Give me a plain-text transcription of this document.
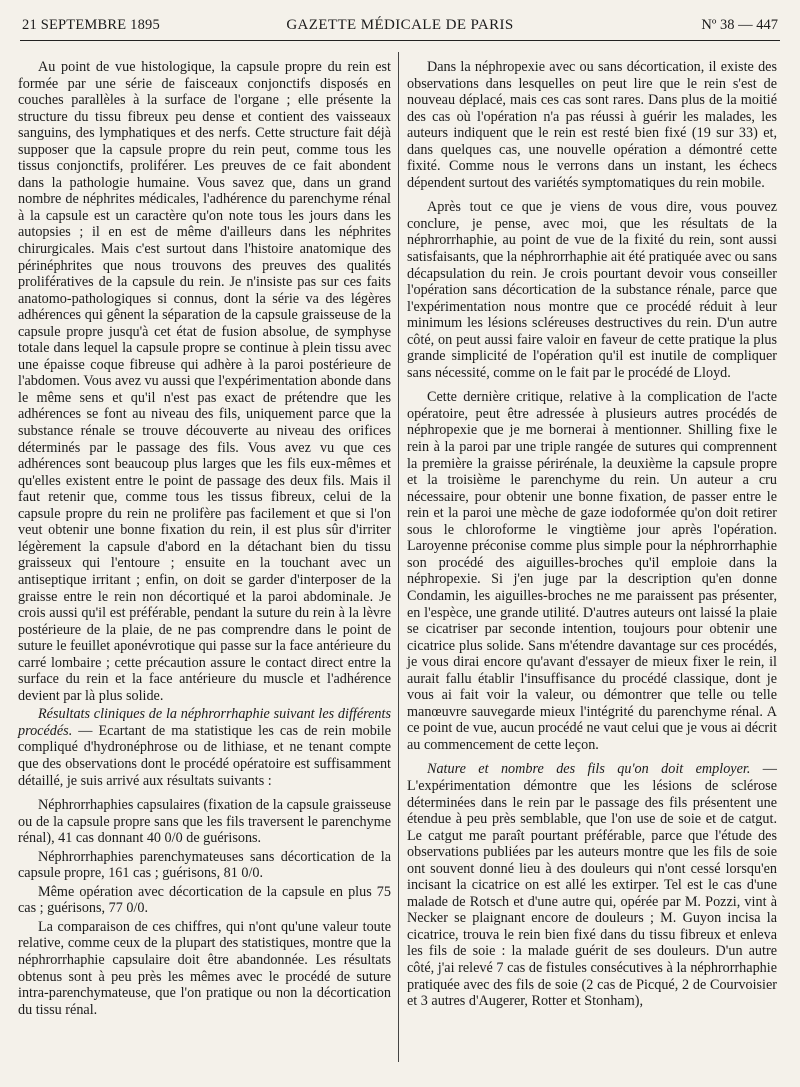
21 SEPTEMBRE 1895	GAZETTE MÉDICALE DE PARIS	Nº 38 — 447

Au point de vue histologique, la capsule propre du rein est formée par une série de faisceaux conjonctifs disposés en couches parallèles à la surface de l'organe ; elle présente la structure du tissu fibreux peu dense et contient des vaisseaux sanguins, des lymphatiques et des nerfs. Cette structure fait déjà supposer que la capsule propre du rein peut, comme tous les tissus conjonctifs, proliférer. Les preuves de ce fait abondent dans la pathologie humaine. Vous savez que, dans un grand nombre de néphrites médicales, l'adhérence du parenchyme rénal à la capsule est un caractère qu'on note tous les jours dans les autopsies ; il en est de même d'ailleurs dans les néphrites chirurgicales. Mais c'est surtout dans l'histoire anatomique des périnéphrites que nous trouvons des preuves des qualités prolifératives de la capsule du rein. Je n'insiste pas sur ces faits anatomo-pathologiques si connus, dont la série va des légères adhérences qui gênent la séparation de la capsule graisseuse de la capsule propre jusqu'à cet état de fusion absolue, de symphyse totale dans lequel la capsule propre se continue à plein tissu avec une épaisse coque fibreuse qui adhère à la paroi postérieure de l'abdomen. Vous avez vu aussi que l'expérimentation abonde dans le même sens et qu'il n'est pas exact de prétendre que les adhérences se font au niveau des fils, uniquement parce que la substance rénale se trouve découverte au niveau des orifices déterminés par le passage des fils. Vous avez vu que ces adhérences sont beaucoup plus larges que les fils eux-mêmes et qu'elles existent entre le point de passage des deux fils. Mais il faut retenir que, comme tous les tissus fibreux, celui de la capsule propre du rein ne prolifère pas facilement et que si l'on veut obtenir une bonne fixation du rein, il est plus sûr d'irriter légèrement la capsule d'abord en la détachant bien du tissu graisseux qui l'entoure ; ensuite en la touchant avec un antiseptique irritant ; enfin, on doit se garder d'interposer de la graisse entre le rein non décortiqué et la paroi abdominale. Je crois aussi qu'il est préférable, pendant la suture du rein à la lèvre postérieure de la plaie, de ne pas comprendre dans le point de suture le feuillet aponévrotique qui passe sur la face antérieure du carré lombaire ; cette précaution assure le contact direct entre la surface du rein et la face antérieure du muscle et l'adhérence devient par là plus solide.

Résultats cliniques de la néphrorrhaphie suivant les différents procédés. — Ecartant de ma statistique les cas de rein mobile compliqué d'hydronéphrose ou de lithiase, et ne tenant compte que des observations dont le procédé opératoire est suffisamment détaillé, je suis arrivé aux résultats suivants :

Néphrorrhaphies capsulaires (fixation de la capsule graisseuse ou de la capsule propre sans que les fils traversent le parenchyme rénal), 41 cas donnant 40 0/0 de guérisons.

Néphrorrhaphies parenchymateuses sans décortication de la capsule propre, 161 cas ; guérisons, 81 0/0.

Même opération avec décortication de la capsule en plus 75 cas ; guérisons, 77 0/0.

La comparaison de ces chiffres, qui n'ont qu'une valeur toute relative, comme ceux de la plupart des statistiques, montre que la néphrorrhaphie capsulaire doit être abandonnée. Les résultats obtenus sont à peu près les mêmes avec le procédé de suture intra-parenchymateuse, que l'on pratique ou non la décortication du tissu rénal.

Dans la néphropexie avec ou sans décortication, il existe des observations dans lesquelles on peut lire que le rein s'est de nouveau déplacé, mais ces cas sont rares. Dans plus de la moitié des cas où l'opération n'a pas réussi à guérir les malades, les auteurs indiquent que le rein est resté bien fixé (19 sur 33) et, dans quelques cas, une nouvelle opération a démontré cette fixité. Comme nous le verrons dans un instant, les échecs dépendent surtout des variétés symptomatiques du rein mobile.

Après tout ce que je viens de vous dire, vous pouvez conclure, je pense, avec moi, que les résultats de la néphrorrhaphie, au point de vue de la fixité du rein, sont aussi satisfaisants, que la néphrorrhaphie ait été pratiquée avec ou sans décapsulation du rein. Je crois pourtant devoir vous conseiller l'opération sans décortication de la substance rénale, parce que l'expérimentation nous montre que ce procédé réduit à leur minimum les lésions scléreuses destructives du rein. D'un autre côté, on peut aussi faire valoir en faveur de cette pratique la plus grande simplicité de l'opération qu'il est inutile de compliquer sans nécessité, comme on le fait par le procédé de Lloyd.

Cette dernière critique, relative à la complication de l'acte opératoire, peut être adressée à plusieurs autres procédés de néphropexie que je me bornerai à mentionner. Shilling fixe le rein à la paroi par une triple rangée de sutures qui comprennent la première la graisse périrénale, la deuxième la capsule propre et la troisième le parenchyme du rein. Un auteur a cru nécessaire, pour obtenir une bonne fixation, de passer entre le rein et la paroi une mèche de gaze iodoformée qu'on doit retirer sous le chloroforme le vingtième jour après l'opération. Laroyenne préconise comme plus simple pour la néphrorrhaphie son procédé des aiguilles-broches qu'il emploie dans la néphropexie. Si j'en juge par la description qu'en donne Condamin, les aiguilles-broches ne me paraissent pas présenter, en l'espèce, une grande utilité. D'autres auteurs ont laissé la plaie se cicatriser par seconde intention, toujours pour obtenir une cicatrice plus solide. Sans m'étendre davantage sur ces procédés, je vous dirai encore qu'avant d'essayer de mieux fixer le rein, il aurait fallu établir l'insuffisance du procédé classique, dont je vous ai fait voir la valeur, ou démontrer que telle ou telle manœuvre sauvegarde mieux l'intégrité du parenchyme rénal. A ce point de vue, aucun procédé ne vaut celui que je vous ai décrit au commencement de cette leçon.

Nature et nombre des fils qu'on doit employer. — L'expérimentation démontre que les lésions de sclérose déterminées dans le rein par le passage des fils présentent une étendue à peu près semblable, que l'on use de soie et de catgut. Le catgut me paraît pourtant préférable, parce que l'étude des observations publiées par les auteurs montre que les fils de soie ont souvent donné lieu à des douleurs qui n'ont cessé lorsqu'en incisant la cicatrice on est allé les extirper. Tel est le cas d'une malade de Rotsch et d'une autre qui, opérée par M. Pozzi, vint à Necker se plaignant encore de douleurs ; M. Guyon incisa la cicatrice, trouva le rein bien fixé dans du tissu fibreux et enleva les fils de soie : la malade guérit de ses douleurs. D'un autre côté, j'ai relevé 7 cas de fistules consécutives à la néphrorrhaphie pratiquée avec des fils de soie (2 cas de Picqué, 2 de Courvoisier et 3 autres d'Augerer, Rotter et Stonham),
